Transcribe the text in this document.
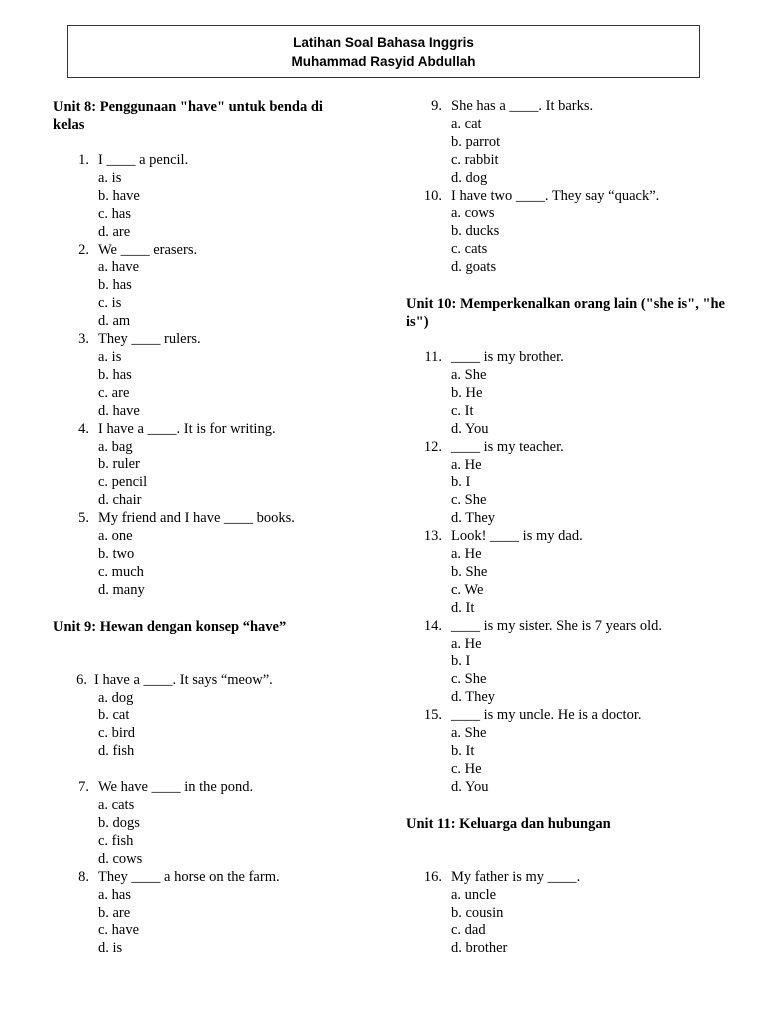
Latihan Soal Bahasa Inggris
Muhammad Rasyid Abdullah
Unit 8: Penggunaan "have" untuk benda di kelas
1. I ____ a pencil.
a. is
b. have
c. has
d. are
2. We ____ erasers.
a. have
b. has
c. is
d. am
3. They ____ rulers.
a. is
b. has
c. are
d. have
4. I have a ____. It is for writing.
a. bag
b. ruler
c. pencil
d. chair
5. My friend and I have ____ books.
a. one
b. two
c. much
d. many
Unit 9: Hewan dengan konsep “have”
6. I have a ____. It says “meow”.
a. dog
b. cat
c. bird
d. fish
7. We have ____ in the pond.
a. cats
b. dogs
c. fish
d. cows
8. They ____ a horse on the farm.
a. has
b. are
c. have
d. is
9. She has a ____. It barks.
a. cat
b. parrot
c. rabbit
d. dog
10. I have two ____. They say “quack”.
a. cows
b. ducks
c. cats
d. goats
Unit 10: Memperkenalkan orang lain ("she is", "he is")
11. ____ is my brother.
a. She
b. He
c. It
d. You
12. ____ is my teacher.
a. He
b. I
c. She
d. They
13. Look! ____ is my dad.
a. He
b. She
c. We
d. It
14. ____ is my sister. She is 7 years old.
a. He
b. I
c. She
d. They
15. ____ is my uncle. He is a doctor.
a. She
b. It
c. He
d. You
Unit 11: Keluarga dan hubungan
16. My father is my ____.
a. uncle
b. cousin
c. dad
d. brother
